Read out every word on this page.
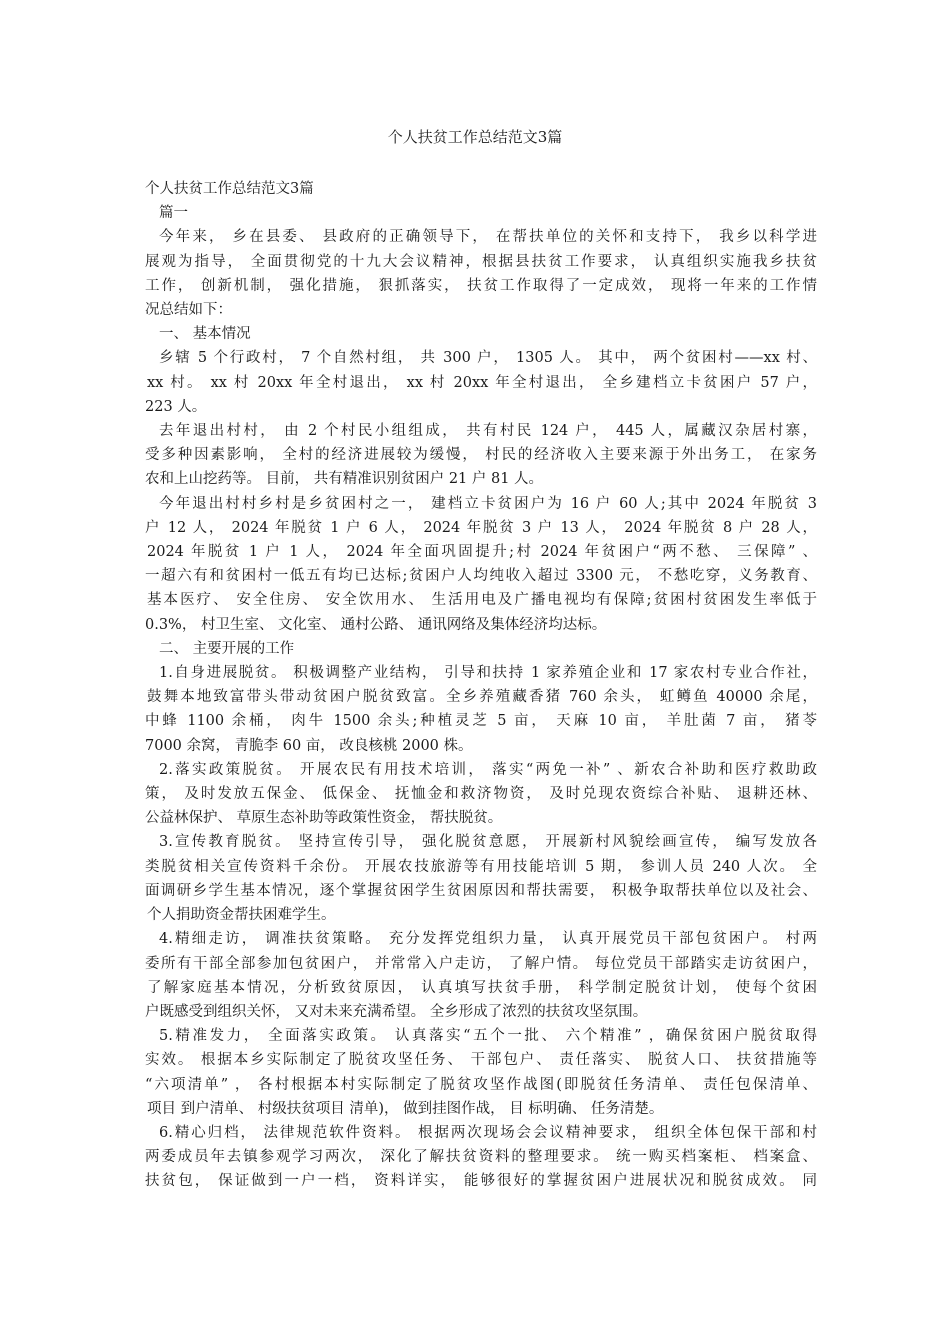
个人扶贫工作总结范文3篇

个人扶贫工作总结范文3篇

篇一

今年来， 乡在县委、 县政府的正确领导下， 在帮扶单位的关怀和支持下， 我乡以科学进

展观为指导， 全面贯彻党的十九大会议精神，根据县扶贫工作要求， 认真组织实施我乡扶贫

工作， 创新机制， 强化措施， 狠抓落实， 扶贫工作取得了一定成效， 现将一年来的工作情

况总结如下：

一、 基本情况

乡辖 5 个行政村， 7 个自然村组， 共 300 户， 1305 人。 其中， 两个贫困村——xx 村、

xx 村。 xx 村 20xx 年全村退出， xx 村 20xx 年全村退出， 全乡建档立卡贫困户 57 户，

223 人。

去年退出村村， 由 2 个村民小组组成， 共有村民 124 户， 445 人，属藏汉杂居村寨，

受多种因素影响， 全村的经济进展较为缓慢， 村民的经济收入主要来源于外出务工， 在家务

农和上山挖药等。 目前， 共有精准识别贫困户 21 户 81 人。

今年退出村村乡村是乡贫困村之一， 建档立卡贫困户为 16 户 60 人;其中 2024 年脱贫 3

户 12 人， 2024 年脱贫 1 户 6 人， 2024 年脱贫 3 户 13 人， 2024 年脱贫 8 户 28 人，

2024 年脱贫 1 户 1 人， 2024 年全面巩固提升;村 2024 年贫困户“两不愁、 三保障” 、

一超六有和贫困村一低五有均已达标;贫困户人均纯收入超过 3300 元， 不愁吃穿，义务教育、

基本医疗、 安全住房、 安全饮用水、 生活用电及广播电视均有保障;贫困村贫困发生率低于

0.3%， 村卫生室、 文化室、 通村公路、 通讯网络及集体经济均达标。

二、 主要开展的工作

1.自身进展脱贫。 积极调整产业结构， 引导和扶持 1 家养殖企业和 17 家农村专业合作社，

鼓舞本地致富带头带动贫困户脱贫致富。全乡养殖藏香猪 760 余头， 虹鳟鱼 40000 余尾，

中蜂 1100 余桶， 肉牛 1500 余头;种植灵芝 5 亩， 天麻 10 亩， 羊肚菌 7 亩， 猪苓

7000 余窝， 青脆李 60 亩， 改良核桃 2000 株。

2.落实政策脱贫。 开展农民有用技术培训， 落实“两免一补” 、新农合补助和医疗救助政

策， 及时发放五保金、 低保金、 抚恤金和救济物资， 及时兑现农资综合补贴、 退耕还林、

公益林保护、 草原生态补助等政策性资金， 帮扶脱贫。

3.宣传教育脱贫。 坚持宣传引导， 强化脱贫意愿， 开展新村风貌绘画宣传， 编写发放各

类脱贫相关宣传资料千余份。 开展农技旅游等有用技能培训 5 期， 参训人员 240 人次。 全

面调研乡学生基本情况，逐个掌握贫困学生贫困原因和帮扶需要， 积极争取帮扶单位以及社会、

个人捐助资金帮扶困难学生。

4.精细走访， 调准扶贫策略。 充分发挥党组织力量， 认真开展党员干部包贫困户。 村两

委所有干部全部参加包贫困户， 并常常入户走访， 了解户情。 每位党员干部踏实走访贫困户，

了解家庭基本情况，分析致贫原因， 认真填写扶贫手册， 科学制定脱贫计划， 使每个贫困

户既感受到组织关怀， 又对未来充满希望。 全乡形成了浓烈的扶贫攻坚氛围。

5.精准发力， 全面落实政策。 认真落实“五个一批、 六个精准” ，确保贫困户脱贫取得

实效。 根据本乡实际制定了脱贫攻坚任务、 干部包户、 责任落实、 脱贫人口、 扶贫措施等

“六项清单” ， 各村根据本村实际制定了脱贫攻坚作战图(即脱贫任务清单、 责任包保清单、

项目 到户清单、 村级扶贫项目 清单)， 做到挂图作战， 目 标明确、 任务清楚。

6.精心归档， 法律规范软件资料。 根据两次现场会会议精神要求， 组织全体包保干部和村

两委成员年去镇参观学习两次， 深化了解扶贫资料的整理要求。 统一购买档案柜、 档案盒、

扶贫包， 保证做到一户一档， 资料详实， 能够很好的掌握贫困户进展状况和脱贫成效。 同
